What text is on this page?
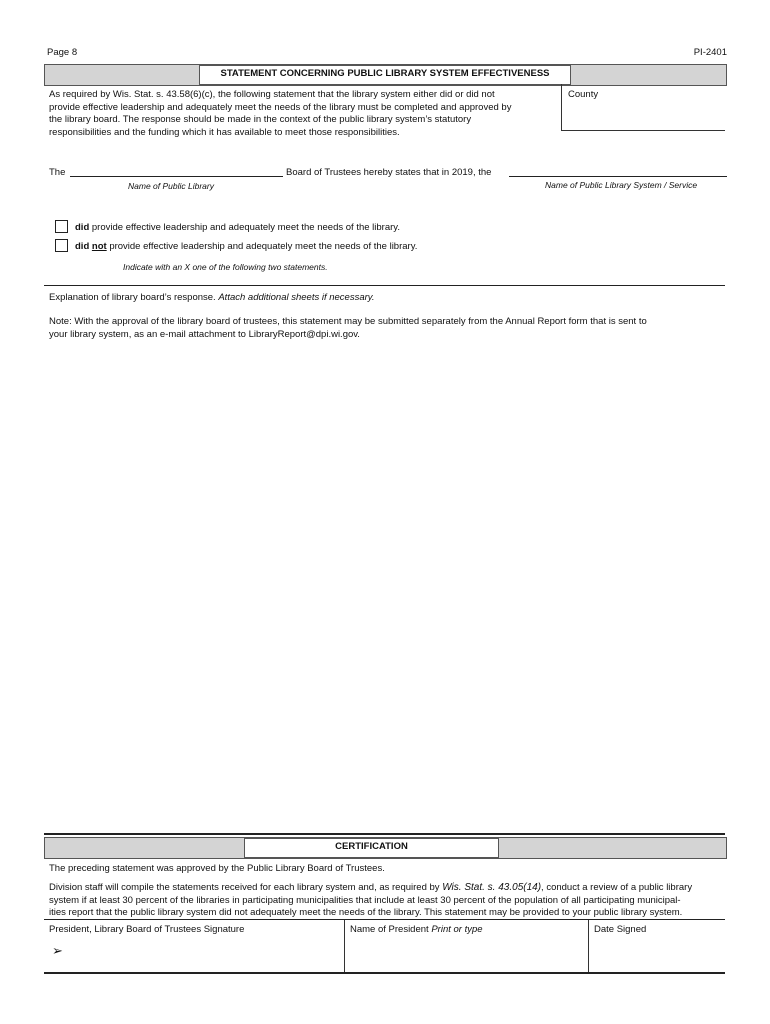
Page 8	PI-2401
STATEMENT CONCERNING PUBLIC LIBRARY SYSTEM EFFECTIVENESS

As required by Wis. Stat. s. 43.58(6)(c), the following statement that the library system either did or did not

provide effective leadership and adequately meet the needs of the library must be completed and approved by

the library board. The response should be made in the context of the public library system’s statutory

responsibilities and the funding which it has available to meet those responsibilities.

County
The	Board of Trustees hereby states that in 2019, the
Name of Public Library	Name of Public Library System / Service
did provide effective leadership and adequately meet the needs of the library.
did not provide effective leadership and adequately meet the needs of the library.
Indicate with an X one of the following two statements.
Explanation of library board’s response. Attach additional sheets if necessary.

Note: With the approval of the library board of trustees, this statement may be submitted separately from the Annual Report form that is sent to

your library system, as an e-mail attachment to LibraryReport@dpi.wi.gov.

CERTIFICATION
The preceding statement was approved by the Public Library Board of Trustees.

Division staff will compile the statements received for each library system and, as required by Wis. Stat. s. 43.05(14), conduct a review of a public library

system if at least 30 percent of the libraries in participating municipalities that include at least 30 percent of the population of all participating municipal-

ities report that the public library system did not adequately meet the needs of the library. This statement may be provided to your public library system.

President, Library Board of Trustees Signature
➢
Name of President Print or type	Date Signed
